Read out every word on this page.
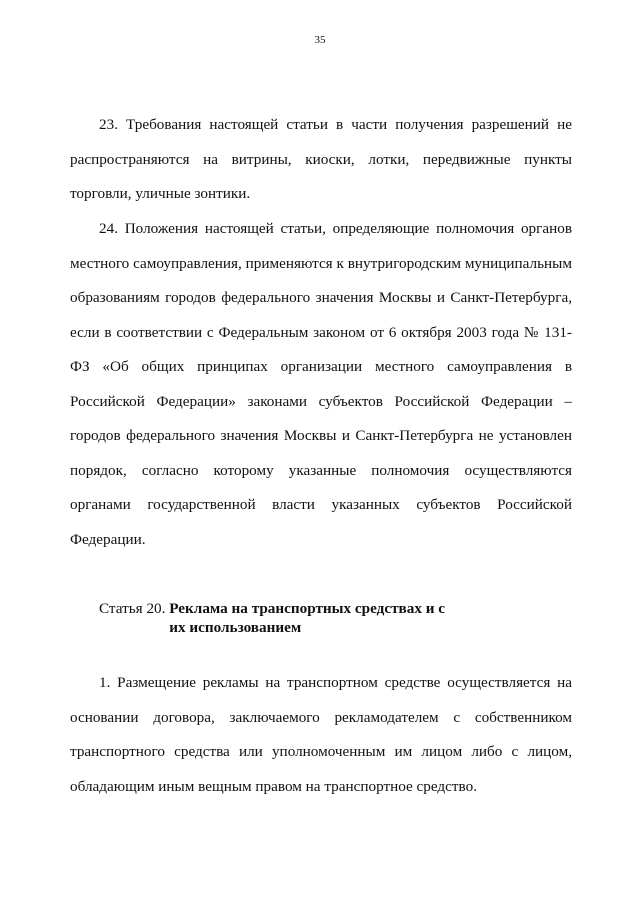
35

23. Требования настоящей статьи в части получения разрешений не распространяются на витрины, киоски, лотки, передвижные пункты торговли, уличные зонтики.

24. Положения настоящей статьи, определяющие полномочия органов местного самоуправления, применяются к внутригородским муниципальным образованиям городов федерального значения Москвы и Санкт-Петербурга, если в соответствии с Федеральным законом от 6 октября 2003 года № 131-ФЗ «Об общих принципах организации местного самоуправления в Российской Федерации» законами субъектов Российской Федерации – городов федерального значения Москвы и Санкт-Петербурга не установлен порядок, согласно которому указанные полномочия осуществляются органами государственной власти указанных субъектов Российской Федерации.

Статья 20. Реклама на транспортных средствах и с их использованием

1. Размещение рекламы на транспортном средстве осуществляется на основании договора, заключаемого рекламодателем с собственником транспортного средства или уполномоченным им лицом либо с лицом, обладающим иным вещным правом на транспортное средство.
